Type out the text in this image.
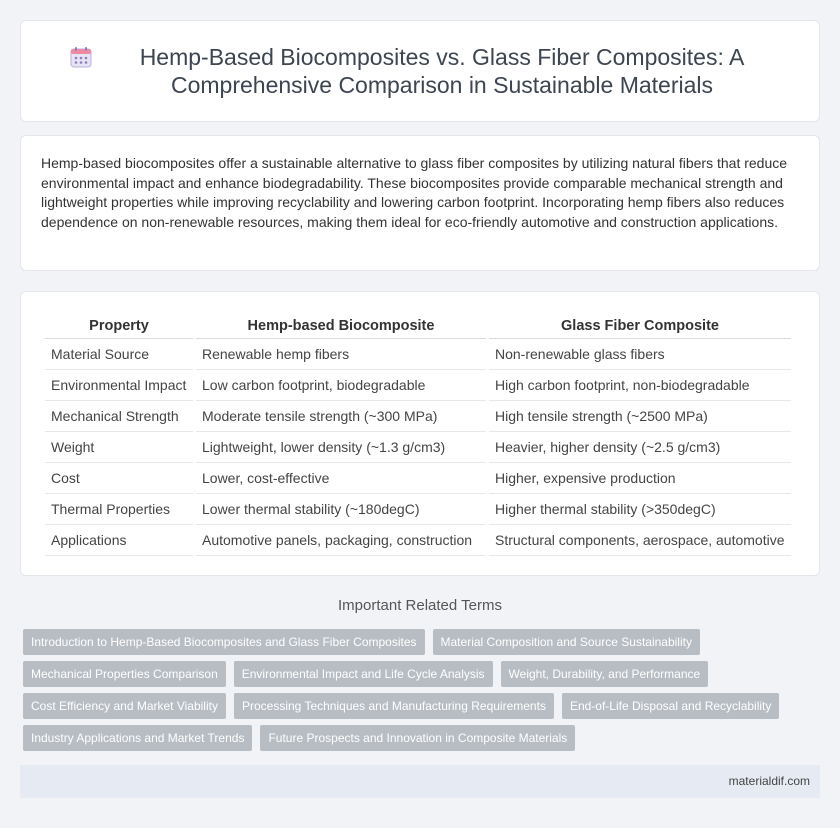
Hemp-Based Biocomposites vs. Glass Fiber Composites: A Comprehensive Comparison in Sustainable Materials

Hemp-based biocomposites offer a sustainable alternative to glass fiber composites by utilizing natural fibers that reduce environmental impact and enhance biodegradability. These biocomposites provide comparable mechanical strength and lightweight properties while improving recyclability and lowering carbon footprint. Incorporating hemp fibers also reduces dependence on non-renewable resources, making them ideal for eco-friendly automotive and construction applications.

Property	Hemp-based Biocomposite	Glass Fiber Composite
Material Source	Renewable hemp fibers	Non-renewable glass fibers
Environmental Impact	Low carbon footprint, biodegradable	High carbon footprint, non-biodegradable
Mechanical Strength	Moderate tensile strength (~300 MPa)	High tensile strength (~2500 MPa)
Weight	Lightweight, lower density (~1.3 g/cm3)	Heavier, higher density (~2.5 g/cm3)
Cost	Lower, cost-effective	Higher, expensive production
Thermal Properties	Lower thermal stability (~180degC)	Higher thermal stability (>350degC)
Applications	Automotive panels, packaging, construction	Structural components, aerospace, automotive
Important Related Terms
Introduction to Hemp-Based Biocomposites and Glass Fiber Composites	Material Composition and Source Sustainability
Mechanical Properties Comparison	Environmental Impact and Life Cycle Analysis	Weight, Durability, and Performance
Cost Efficiency and Market Viability	Processing Techniques and Manufacturing Requirements	End-of-Life Disposal and Recyclability
Industry Applications and Market Trends	Future Prospects and Innovation in Composite Materials
materialdif.com
